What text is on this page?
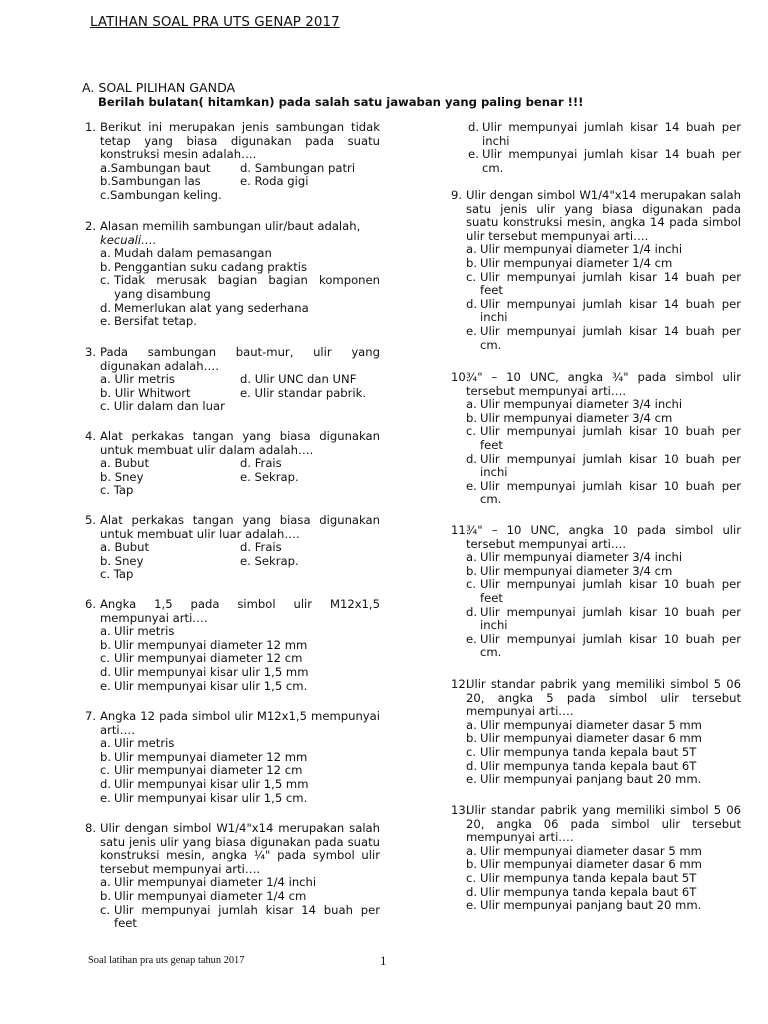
LATIHAN SOAL PRA UTS GENAP 2017
A. SOAL PILIHAN GANDA
Berilah bulatan( hitamkan) pada salah satu jawaban yang paling benar !!!
1. Berikut ini merupakan jenis sambungan tidak tetap yang biasa digunakan pada suatu konstruksi mesin adalah….
a.Sambungan baut	d. Sambungan patri
b.Sambungan las	e. Roda gigi
c.Sambungan keling.
2. Alasan memilih sambungan ulir/baut adalah,
kecuali….
a. Mudah dalam pemasangan
b. Penggantian suku cadang praktis
c. Tidak merusak bagian bagian komponen yang disambung
d. Memerlukan alat yang sederhana
e. Bersifat tetap.
3. Pada sambungan baut-mur, ulir yang digunakan adalah….
a. Ulir metris	d. Ulir UNC dan UNF
b. Ulir Whitwort	e. Ulir standar pabrik.
c. Ulir dalam dan luar
4. Alat perkakas tangan yang biasa digunakan untuk membuat ulir dalam adalah….
a. Bubut	d. Frais
b. Sney	e. Sekrap.
c. Tap
5. Alat perkakas tangan yang biasa digunakan untuk membuat ulir luar adalah….
a. Bubut	d. Frais
b. Sney	e. Sekrap.
c. Tap
6. Angka 1,5 pada simbol ulir M12x1,5 mempunyai arti….
a. Ulir metris
b. Ulir mempunyai diameter 12 mm
c. Ulir mempunyai diameter 12 cm
d. Ulir mempunyai kisar ulir 1,5 mm
e. Ulir mempunyai kisar ulir 1,5 cm.
7. Angka 12 pada simbol ulir M12x1,5 mempunyai arti….
a. Ulir metris
b. Ulir mempunyai diameter 12 mm
c. Ulir mempunyai diameter 12 cm
d. Ulir mempunyai kisar ulir 1,5 mm
e. Ulir mempunyai kisar ulir 1,5 cm.
8. Ulir dengan simbol W1/4"x14 merupakan salah satu jenis ulir yang biasa digunakan pada suatu konstruksi mesin, angka ¼" pada symbol ulir tersebut mempunyai arti….
a. Ulir mempunyai diameter 1/4 inchi
b. Ulir mempunyai diameter 1/4 cm
c. Ulir mempunyai jumlah kisar 14 buah per feet
d. Ulir mempunyai jumlah kisar 14 buah per inchi
e. Ulir mempunyai jumlah kisar 14 buah per cm.
9. Ulir dengan simbol W1/4"x14 merupakan salah satu jenis ulir yang biasa digunakan pada suatu konstruksi mesin, angka 14 pada simbol ulir tersebut mempunyai arti….
a. Ulir mempunyai diameter 1/4 inchi
b. Ulir mempunyai diameter 1/4 cm
c. Ulir mempunyai jumlah kisar 14 buah per feet
d. Ulir mempunyai jumlah kisar 14 buah per inchi
e. Ulir mempunyai jumlah kisar 14 buah per cm.
10.
¾" – 10 UNC, angka ¾" pada simbol ulir tersebut mempunyai arti….
a. Ulir mempunyai diameter 3/4 inchi
b. Ulir mempunyai diameter 3/4 cm
c. Ulir mempunyai jumlah kisar 10 buah per feet
d. Ulir mempunyai jumlah kisar 10 buah per inchi
e. Ulir mempunyai jumlah kisar 10 buah per cm.
11.
¾" – 10 UNC, angka 10 pada simbol ulir tersebut mempunyai arti….
a. Ulir mempunyai diameter 3/4 inchi
b. Ulir mempunyai diameter 3/4 cm
c. Ulir mempunyai jumlah kisar 10 buah per feet
d. Ulir mempunyai jumlah kisar 10 buah per inchi
e. Ulir mempunyai jumlah kisar 10 buah per cm.
12.
Ulir standar pabrik yang memiliki simbol 5 06 20, angka 5 pada simbol ulir tersebut mempunyai arti….
a. Ulir mempunyai diameter dasar 5 mm
b. Ulir mempunyai diameter dasar 6 mm
c. Ulir mempunya tanda kepala baut 5T
d. Ulir mempunya tanda kepala baut 6T
e. Ulir mempunyai panjang baut 20 mm.
13.
Ulir standar pabrik yang memiliki simbol 5 06 20, angka 06 pada simbol ulir tersebut mempunyai arti….
a. Ulir mempunyai diameter dasar 5 mm
b. Ulir mempunyai diameter dasar 6 mm
c. Ulir mempunya tanda kepala baut 5T
d. Ulir mempunya tanda kepala baut 6T
e. Ulir mempunyai panjang baut 20 mm.
Soal latihan pra uts genap tahun 2017	1
